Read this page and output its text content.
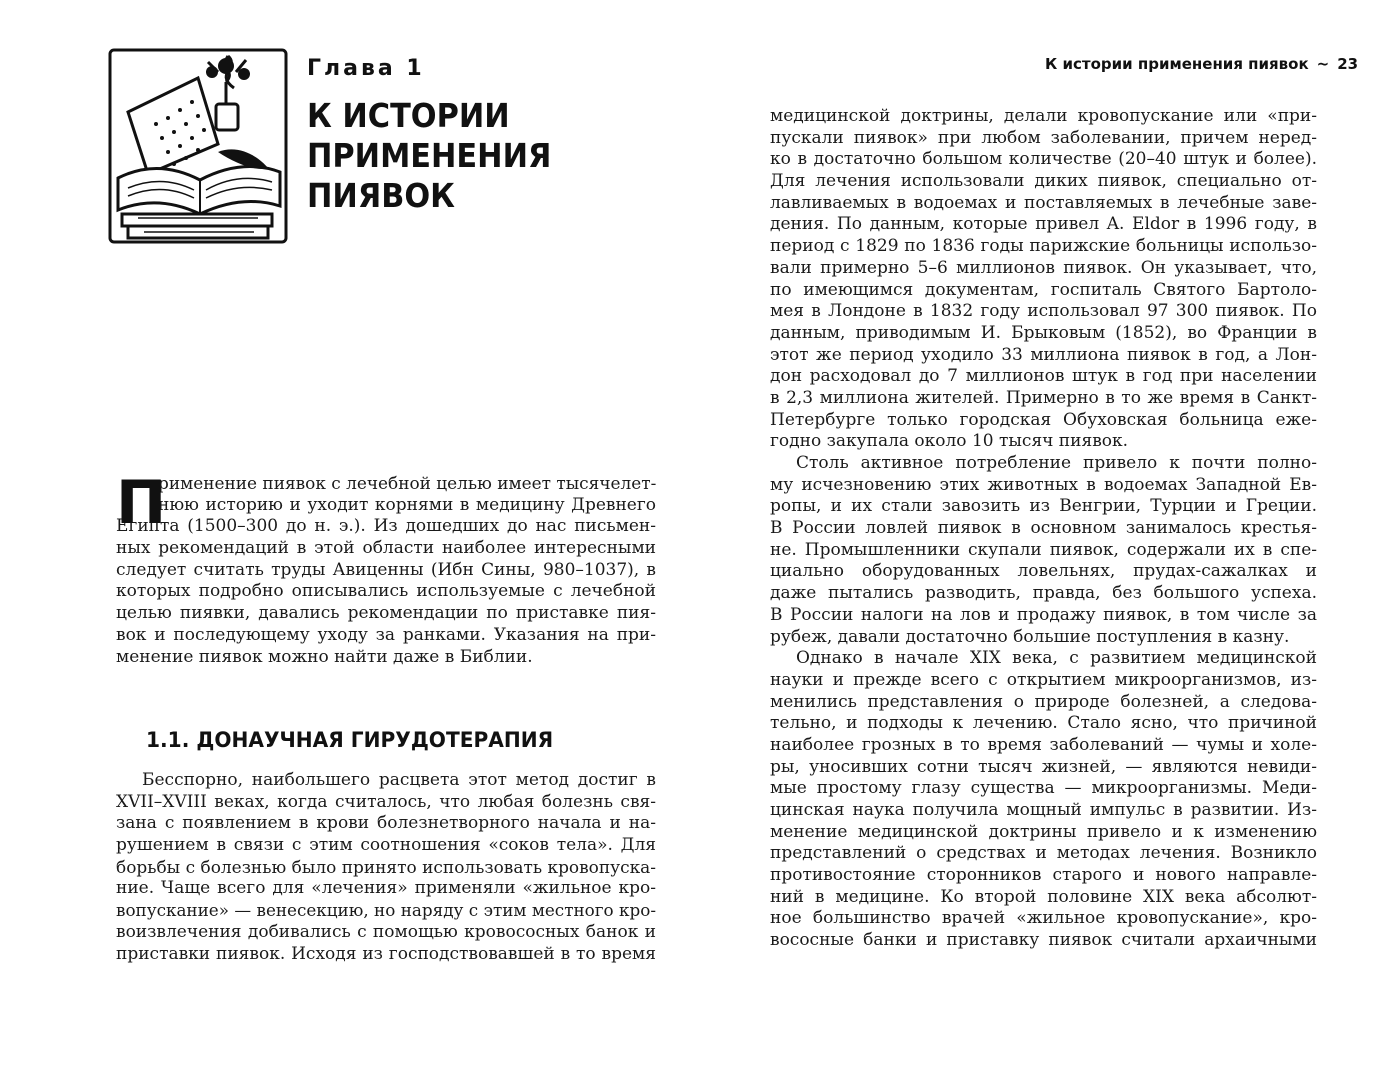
Глава 1
К ИСТОРИИ
ПРИМЕНЕНИЯ
ПИЯВОК
П
рименение пиявок с лечебной целью имеет тысячелет-
нюю историю и уходит корнями в медицину Древнего
Египта (1500–300 до н. э.). Из дошедших до нас письмен-
ных рекомендаций в этой области наиболее интересными
следует считать труды Авиценны (Ибн Сины, 980–1037), в
которых подробно описывались используемые с лечебной
целью пиявки, давались рекомендации по приставке пия-
вок и последующему уходу за ранками. Указания на при-
менение пиявок можно найти даже в Библии.
1.1. ДОНАУЧНАЯ ГИРУДОТЕРАПИЯ
Бесспорно, наибольшего расцвета этот метод достиг в
XVII–XVIII веках, когда считалось, что любая болезнь свя-
зана с появлением в крови болезнетворного начала и на-
рушением в связи с этим соотношения «соков тела». Для
борьбы с болезнью было принято использовать кровопуска-
ние. Чаще всего для «лечения» применяли «жильное кро-
вопускание» — венесекцию, но наряду с этим местного кро-
воизвлечения добивались с помощью кровососных банок и
приставки пиявок. Исходя из господствовавшей в то время
К истории применения пиявок ~ 23
медицинской доктрины, делали кровопускание или «при-
пускали пиявок» при любом заболевании, причем неред-
ко в достаточно большом количестве (20–40 штук и более).
Для лечения использовали диких пиявок, специально от-
лавливаемых в водоемах и поставляемых в лечебные заве-
дения. По данным, которые привел A. Eldor в 1996 году, в
период с 1829 по 1836 годы парижские больницы использо-
вали примерно 5–6 миллионов пиявок. Он указывает, что,
по имеющимся документам, госпиталь Святого Бартоло-
мея в Лондоне в 1832 году использовал 97 300 пиявок. По
данным, приводимым И. Брыковым (1852), во Франции в
этот же период уходило 33 миллиона пиявок в год, а Лон-
дон расходовал до 7 миллионов штук в год при населении
в 2,3 миллиона жителей. Примерно в то же время в Санкт-
Петербурге только городская Обуховская больница еже-
годно закупала около 10 тысяч пиявок.
Столь активное потребление привело к почти полно-
му исчезновению этих животных в водоемах Западной Ев-
ропы, и их стали завозить из Венгрии, Турции и Греции.
В России ловлей пиявок в основном занималось крестья-
не. Промышленники скупали пиявок, содержали их в спе-
циально оборудованных ловельнях, прудах-сажалках и
даже пытались разводить, правда, без большого успеха.
В России налоги на лов и продажу пиявок, в том числе за
рубеж, давали достаточно большие поступления в казну.
Однако в начале XIX века, с развитием медицинской
науки и прежде всего с открытием микроорганизмов, из-
менились представления о природе болезней, а следова-
тельно, и подходы к лечению. Стало ясно, что причиной
наиболее грозных в то время заболеваний — чумы и холе-
ры, уносивших сотни тысяч жизней, — являются невиди-
мые простому глазу существа — микроорганизмы. Меди-
цинская наука получила мощный импульс в развитии. Из-
менение медицинской доктрины привело и к изменению
представлений о средствах и методах лечения. Возникло
противостояние сторонников старого и нового направле-
ний в медицине. Ко второй половине XIX века абсолют-
ное большинство врачей «жильное кровопускание», кро-
вососные банки и приставку пиявок считали архаичными
